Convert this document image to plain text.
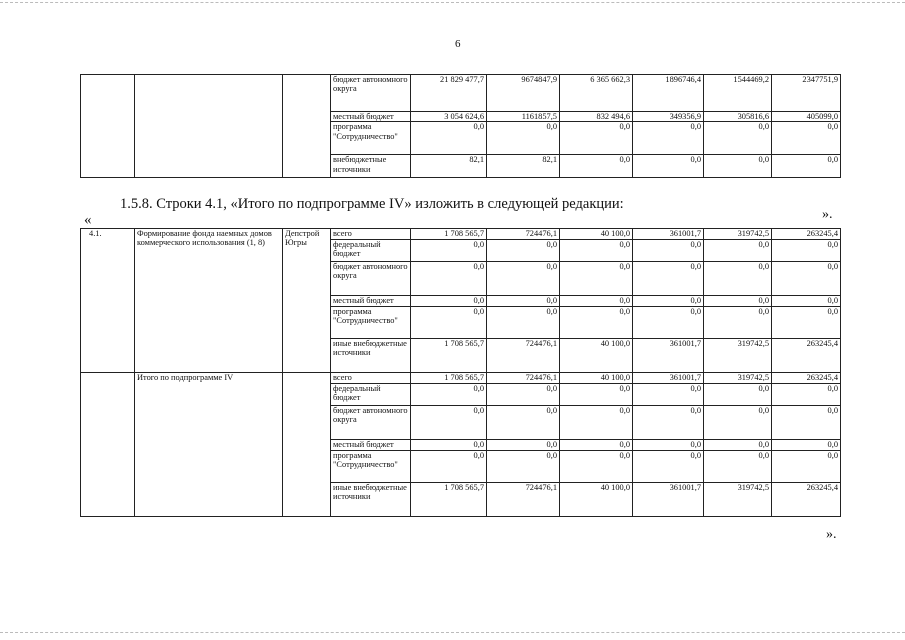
6
			бюджет автономного округа	21 829 477,7	9674847,9	6 365 662,3	1896746,4	1544469,2	2347751,9
			местный бюджет	3 054 624,6	1161857,5	832 494,6	349356,9	305816,6	405099,0
			программа "Сотрудничество"	0,0	0,0	0,0	0,0	0,0	0,0
			внебюджетные источники	82,1	82,1	0,0	0,0	0,0	0,0
».
1.5.8. Строки 4.1, «Итого по подпрограмме IV» изложить в следующей редакции:
«
4.1.	Формирование фонда наемных домов коммерческого использования (1, 8)	Депстрой Югры	всего	1 708 565,7	724476,1	40 100,0	361001,7	319742,5	263245,4
			федеральный бюджет	0,0	0,0	0,0	0,0	0,0	0,0
			бюджет автономного округа	0,0	0,0	0,0	0,0	0,0	0,0
			местный бюджет	0,0	0,0	0,0	0,0	0,0	0,0
			программа "Сотрудничество"	0,0	0,0	0,0	0,0	0,0	0,0
			иные внебюджетные источники	1 708 565,7	724476,1	40 100,0	361001,7	319742,5	263245,4
	Итого по подпрограмме IV		всего	1 708 565,7	724476,1	40 100,0	361001,7	319742,5	263245,4
			федеральный бюджет	0,0	0,0	0,0	0,0	0,0	0,0
			бюджет автономного округа	0,0	0,0	0,0	0,0	0,0	0,0
			местный бюджет	0,0	0,0	0,0	0,0	0,0	0,0
			программа "Сотрудничество"	0,0	0,0	0,0	0,0	0,0	0,0
			иные внебюджетные источники	1 708 565,7	724476,1	40 100,0	361001,7	319742,5	263245,4
».
